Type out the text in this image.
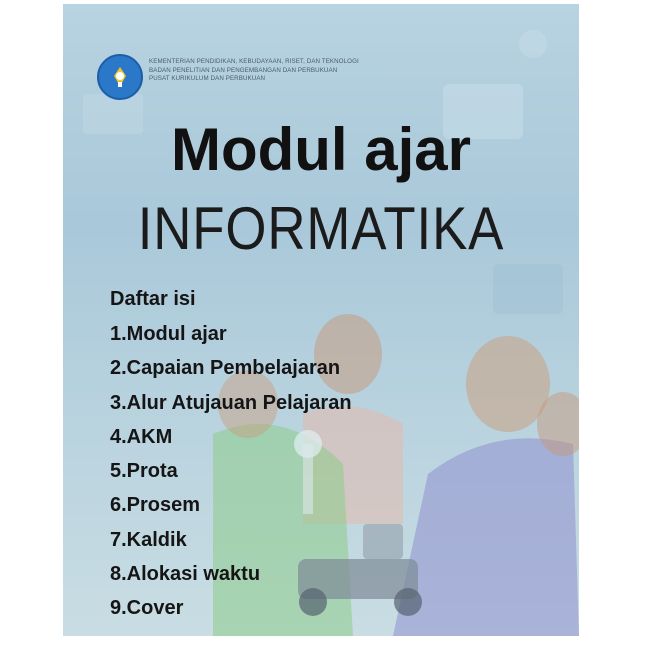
KEMENTERIAN PENDIDIKAN, KEBUDAYAAN, RISET, DAN TEKNOLOGI
BADAN PENELITIAN DAN PENGEMBANGAN DAN PERBUKUAN
PUSAT KURIKULUM DAN PERBUKUAN
Modul ajar
INFORMATIKA
Daftar isi
1.Modul ajar
2.Capaian Pembelajaran
3.Alur Atujauan Pelajaran
4.AKM
5.Prota
6.Prosem
7.Kaldik
8.Alokasi waktu
9.Cover
